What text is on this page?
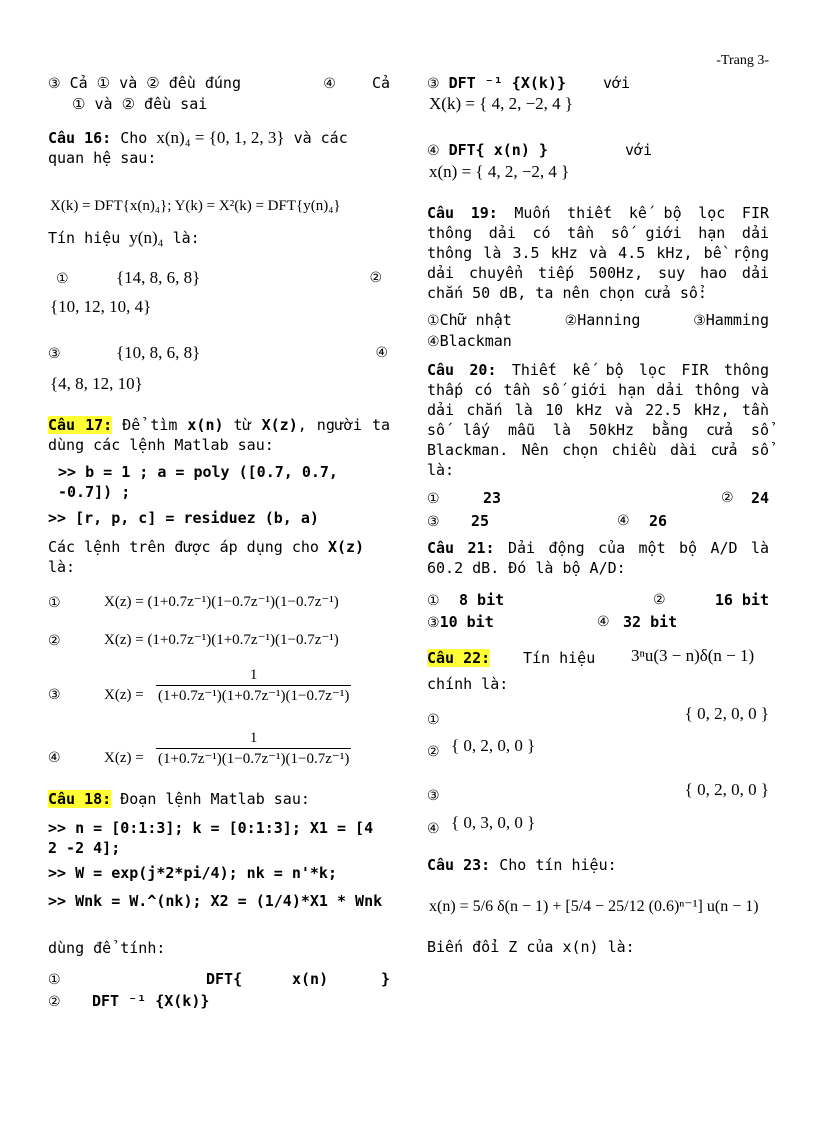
-Trang 3-
③ Cả ① và ② đều đúng	④ Cả
① và ② đều sai
Câu 16: Cho x(n)₄ = {0, 1, 2, 3} và các quan hệ sau:
X(k) = DFT{x(n)₄}; Y(k) = X²(k) = DFT{y(n)₄}
Tín hiệu y(n)₄ là:
①	{14, 8, 6, 8}	②
{10, 12, 10, 4}
③	{10, 8, 6, 8}	④
{4, 8, 12, 10}
Câu 17: Để tìm x(n) từ X(z), người ta dùng các lệnh Matlab sau:
>> b = 1 ; a = poly ([0.7, 0.7, -0.7]) ;
>> [r, p, c] = residuez (b, a)
Các lệnh trên được áp dụng cho X(z) là:
①	X(z) = (1+0.7z⁻¹)(1−0.7z⁻¹)(1−0.7z⁻¹)
②	X(z) = (1+0.7z⁻¹)(1+0.7z⁻¹)(1−0.7z⁻¹)
③	$X(z) = \frac{1}{\text{(1+0.7z⁻¹)(1+0.7z⁻¹)(1−0.7z⁻¹)}}$
④	$X(z) = \frac{1}{\text{(1+0.7z⁻¹)(1−0.7z⁻¹)(1−0.7z⁻¹)}}$
Câu 18: Đoạn lệnh Matlab sau:
>> n = [0:1:3]; k = [0:1:3]; X1 = [4 2 -2 4];
>> W = exp(j*2*pi/4); nk = n'*k;
>> Wnk = W.^(nk); X2 = (1/4)*X1 * Wnk
dùng để tính:
①	DFT{	x(n)	}
② DFT ⁻¹ {X(k)}
③ DFT ⁻¹ {X(k)} với
X(k) = { 4, 2, −2, 4 }
④ DFT{ x(n) }	với
x(n) = { 4, 2, −2, 4 }
Câu 19: Muốn thiết kế bộ lọc FIR thông dải có tần số giới hạn dải thông là 3.5 kHz và 4.5 kHz, bề rộng dải chuyển tiếp 500Hz, suy hao dải chắn 50 dB, ta nên chọn cửa sổ:
①Chữ nhật	②Hanning	③Hamming
④Blackman
Câu 20: Thiết kế bộ lọc FIR thông thấp có tần số giới hạn dải thông và dải chắn là 10 kHz và 22.5 kHz, tần số lấy mẫu là 50kHz bằng cửa sổ Blackman. Nên chọn chiều dài cửa sổ là:
①	23	② 24
③ 25	④ 26
Câu 21: Dải động của một bộ A/D là 60.2 dB. Đó là bộ A/D:
① 8 bit	②	16 bit
③10 bit	④ 32 bit
Câu 22: Tín hiệu 3ⁿu(3 − n)δ(n − 1)
chính là:
①	{ 0, 2, 0, 0 }
② { 0, 2, 0, 0 }
③	{ 0, 2, 0, 0 }
④ { 0, 3, 0, 0 }
Câu 23: Cho tín hiệu:
x(n) = 5/6 δ(n − 1) + [5/4 − 25/12 (0.6)ⁿ⁻¹] u(n − 1)
Biến đổi Z của x(n) là:
